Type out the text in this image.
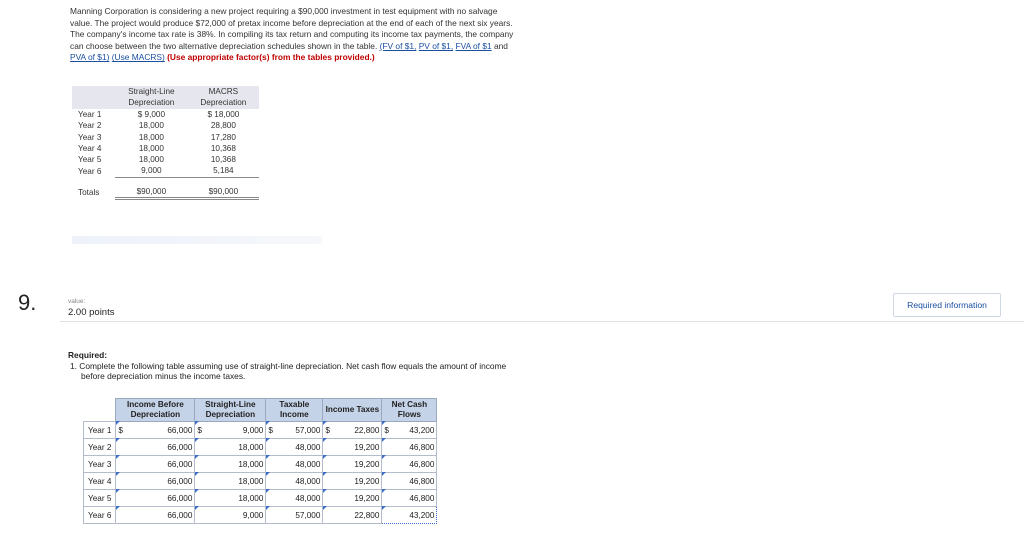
Manning Corporation is considering a new project requiring a $90,000 investment in test equipment with no salvage value. The project would produce $72,000 of pretax income before depreciation at the end of each of the next six years. The company's income tax rate is 38%. In compiling its tax return and computing its income tax payments, the company can choose between the two alternative depreciation schedules shown in the table. (FV of $1, PV of $1, FVA of $1 and PVA of $1) (Use MACRS) (Use appropriate factor(s) from the tables provided.)
	Straight-Line Depreciation	MACRS Depreciation
Year 1	$ 9,000	$ 18,000
Year 2	18,000	28,800
Year 3	18,000	17,280
Year 4	18,000	10,368
Year 5	18,000	10,368
Year 6	9,000	5,184

Totals	$90,000	$90,000
9.	value:
2.00 points
Required information
Required:
1. Complete the following table assuming use of straight-line depreciation. Net cash flow equals the amount of income before depreciation minus the income taxes.
	Income Before Depreciation	Straight-Line Depreciation	Taxable Income	Income Taxes	Net Cash Flows
Year 1	$ 66,000	$ 9,000	$ 57,000	$ 22,800	$ 43,200

Year 2	66,000	18,000	48,000	19,200	46,800

Year 3	66,000	18,000	48,000	19,200	46,800

Year 4	66,000	18,000	48,000	19,200	46,800

Year 5	66,000	18,000	48,000	19,200	46,800

Year 6	66,000	9,000	57,000	22,800	43,200
